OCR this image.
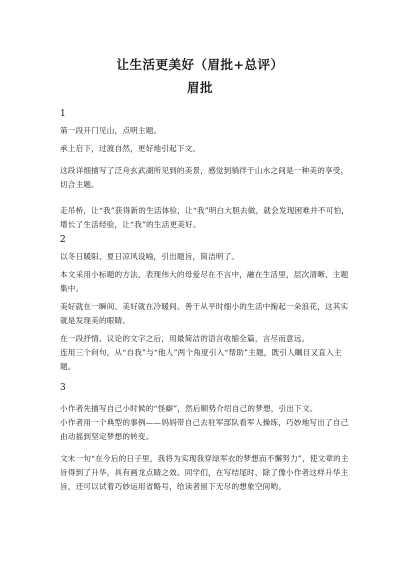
让生活更美好（眉批+总评）
眉批

1

第一段开门见山，点明主题。

承上启下，过渡自然，更好地引起下文。

这段详细描写了泛舟玄武湖所见到的美景，感觉到徜徉于山水之间是一种美的享受，切合主题。

走吊桥，让“我”获得新的生活体验，让“我”明白大胆去做，就会发现困难并不可怕，增长了生活经验，让“我”的生活更美好。

2

以冬日暖阳、夏日凉风设喻，引出题旨，简洁明了。

本文采用小标题的方法，表现伟大的母爱尽在不言中，融在生活里，层次清晰、主题集中。

美好就在一瞬间、美好就在冷暖间。善于从平时细小的生活中掬起一朵浪花，这其实就是发现美的眼睛。

在一段抒情、议论的文字之后，用最简洁的语言收缩全篇，言尽而意远。

连用三个问句，从“自我”与“他人”两个角度引入“帮助”主题，既引人瞩目又直入主题。

3

小作者先描写自己小时候的“怪癖”，然后顺势介绍自己的梦想，引出下文。

小作者用一个典型的事例——妈妈带自己去驻军部队看军人操练，巧妙地写出了自己由动摇到坚定梦想的转变。

文末一句“在今后的日子里，我将为实现我穿绿军衣的梦想而不懈努力”，使文章的主旨得到了升华，具有画龙点睛之效。同学们，在写结尾时，除了像小作者这样升华主旨，还可以试着巧妙运用省略号，给读者留下无尽的想象空间哟。
